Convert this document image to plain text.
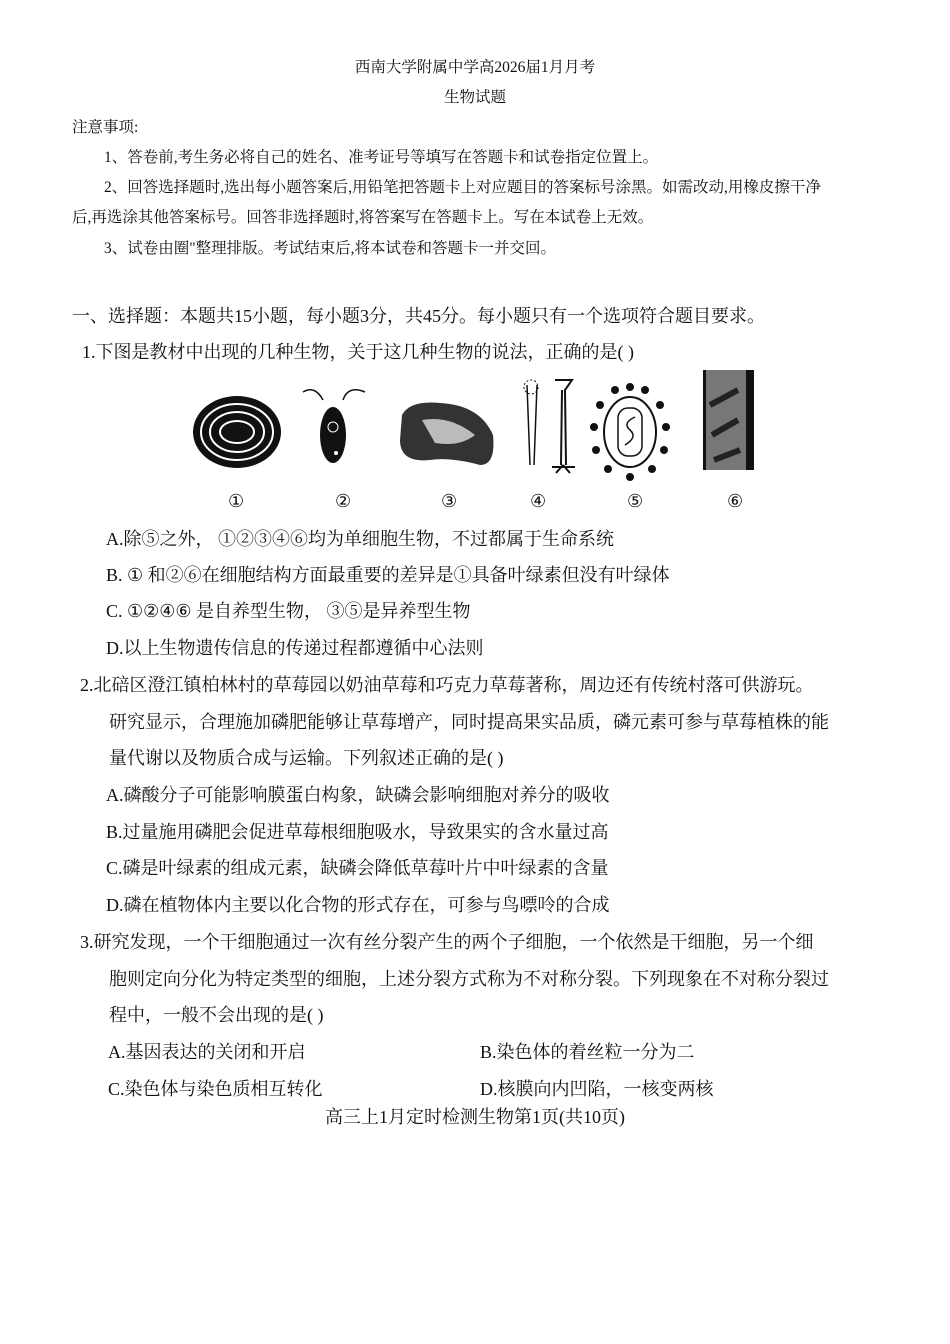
西南大学附属中学高2026届1月月考
生物试题
注意事项:
1、答卷前,考生务必将自己的姓名、准考证号等填写在答题卡和试卷指定位置上。
2、回答选择题时,选出每小题答案后,用铅笔把答题卡上对应题目的答案标号涂黑。如需改动,用橡皮擦干净
后,再选涂其他答案标号。回答非选择题时,将答案写在答题卡上。写在本试卷上无效。
3、试卷由圈"整理排版。考试结束后,将本试卷和答题卡一并交回。
一、选择题：本题共15小题，每小题3分，共45分。每小题只有一个选项符合题目要求。
1.下图是教材中出现的几种生物，关于这几种生物的说法，正确的是( )
①	②	③	④	⑤	⑥
A.除⑤之外， ①②③④⑥均为单细胞生物，不过都属于生命系统
B. ① 和②⑥在细胞结构方面最重要的差异是①具备叶绿素但没有叶绿体
C. ①②④⑥ 是自养型生物， ③⑤是异养型生物
D.以上生物遗传信息的传递过程都遵循中心法则
2.北碚区澄江镇柏林村的草莓园以奶油草莓和巧克力草莓著称，周边还有传统村落可供游玩。
研究显示，合理施加磷肥能够让草莓增产，同时提高果实品质，磷元素可参与草莓植株的能
量代谢以及物质合成与运输。下列叙述正确的是( )
A.磷酸分子可能影响膜蛋白构象，缺磷会影响细胞对养分的吸收
B.过量施用磷肥会促进草莓根细胞吸水，导致果实的含水量过高
C.磷是叶绿素的组成元素，缺磷会降低草莓叶片中叶绿素的含量
D.磷在植物体内主要以化合物的形式存在，可参与鸟嘌呤的合成
3.研究发现，一个干细胞通过一次有丝分裂产生的两个子细胞，一个依然是干细胞，另一个细
胞则定向分化为特定类型的细胞，上述分裂方式称为不对称分裂。下列现象在不对称分裂过
程中，一般不会出现的是( )
A.基因表达的关闭和开启	B.染色体的着丝粒一分为二
C.染色体与染色质相互转化	D.核膜向内凹陷，一核变两核
高三上1月定时检测生物第1页(共10页)
